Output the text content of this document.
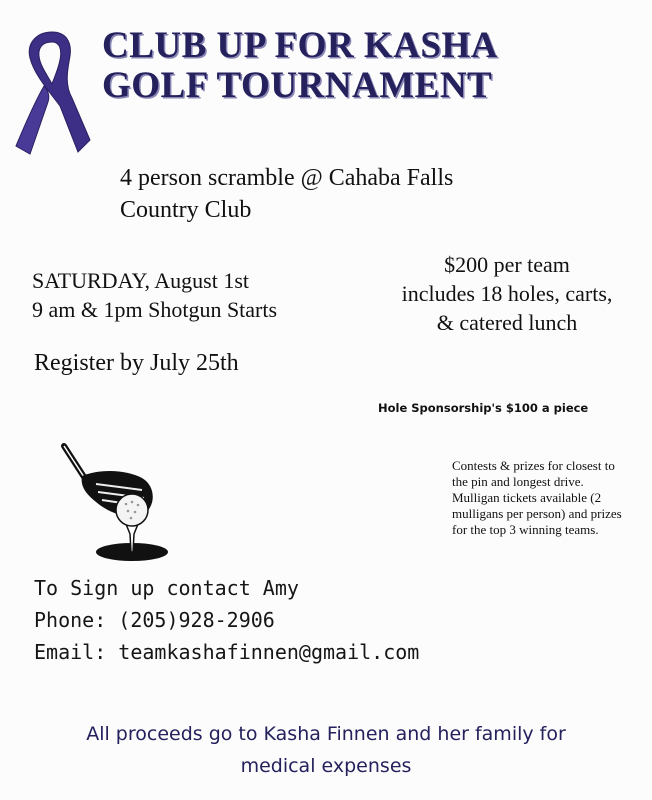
CLUB UP FOR KASHA
GOLF TOURNAMENT
4 person scramble @ Cahaba Falls
Country Club
SATURDAY, August 1st
9 am & 1pm Shotgun Starts
$200 per team
includes 18 holes, carts,
& catered lunch
Register by July 25th
Hole Sponsorship's $100 a piece
Contests & prizes for closest to the pin and longest drive. Mulligan tickets available (2 mulligans per person) and prizes for the top 3 winning teams.
To Sign up contact Amy
Phone: (205)928-2906
Email: teamkashafinnen@gmail.com
All proceeds go to Kasha Finnen and her family for
medical expenses
